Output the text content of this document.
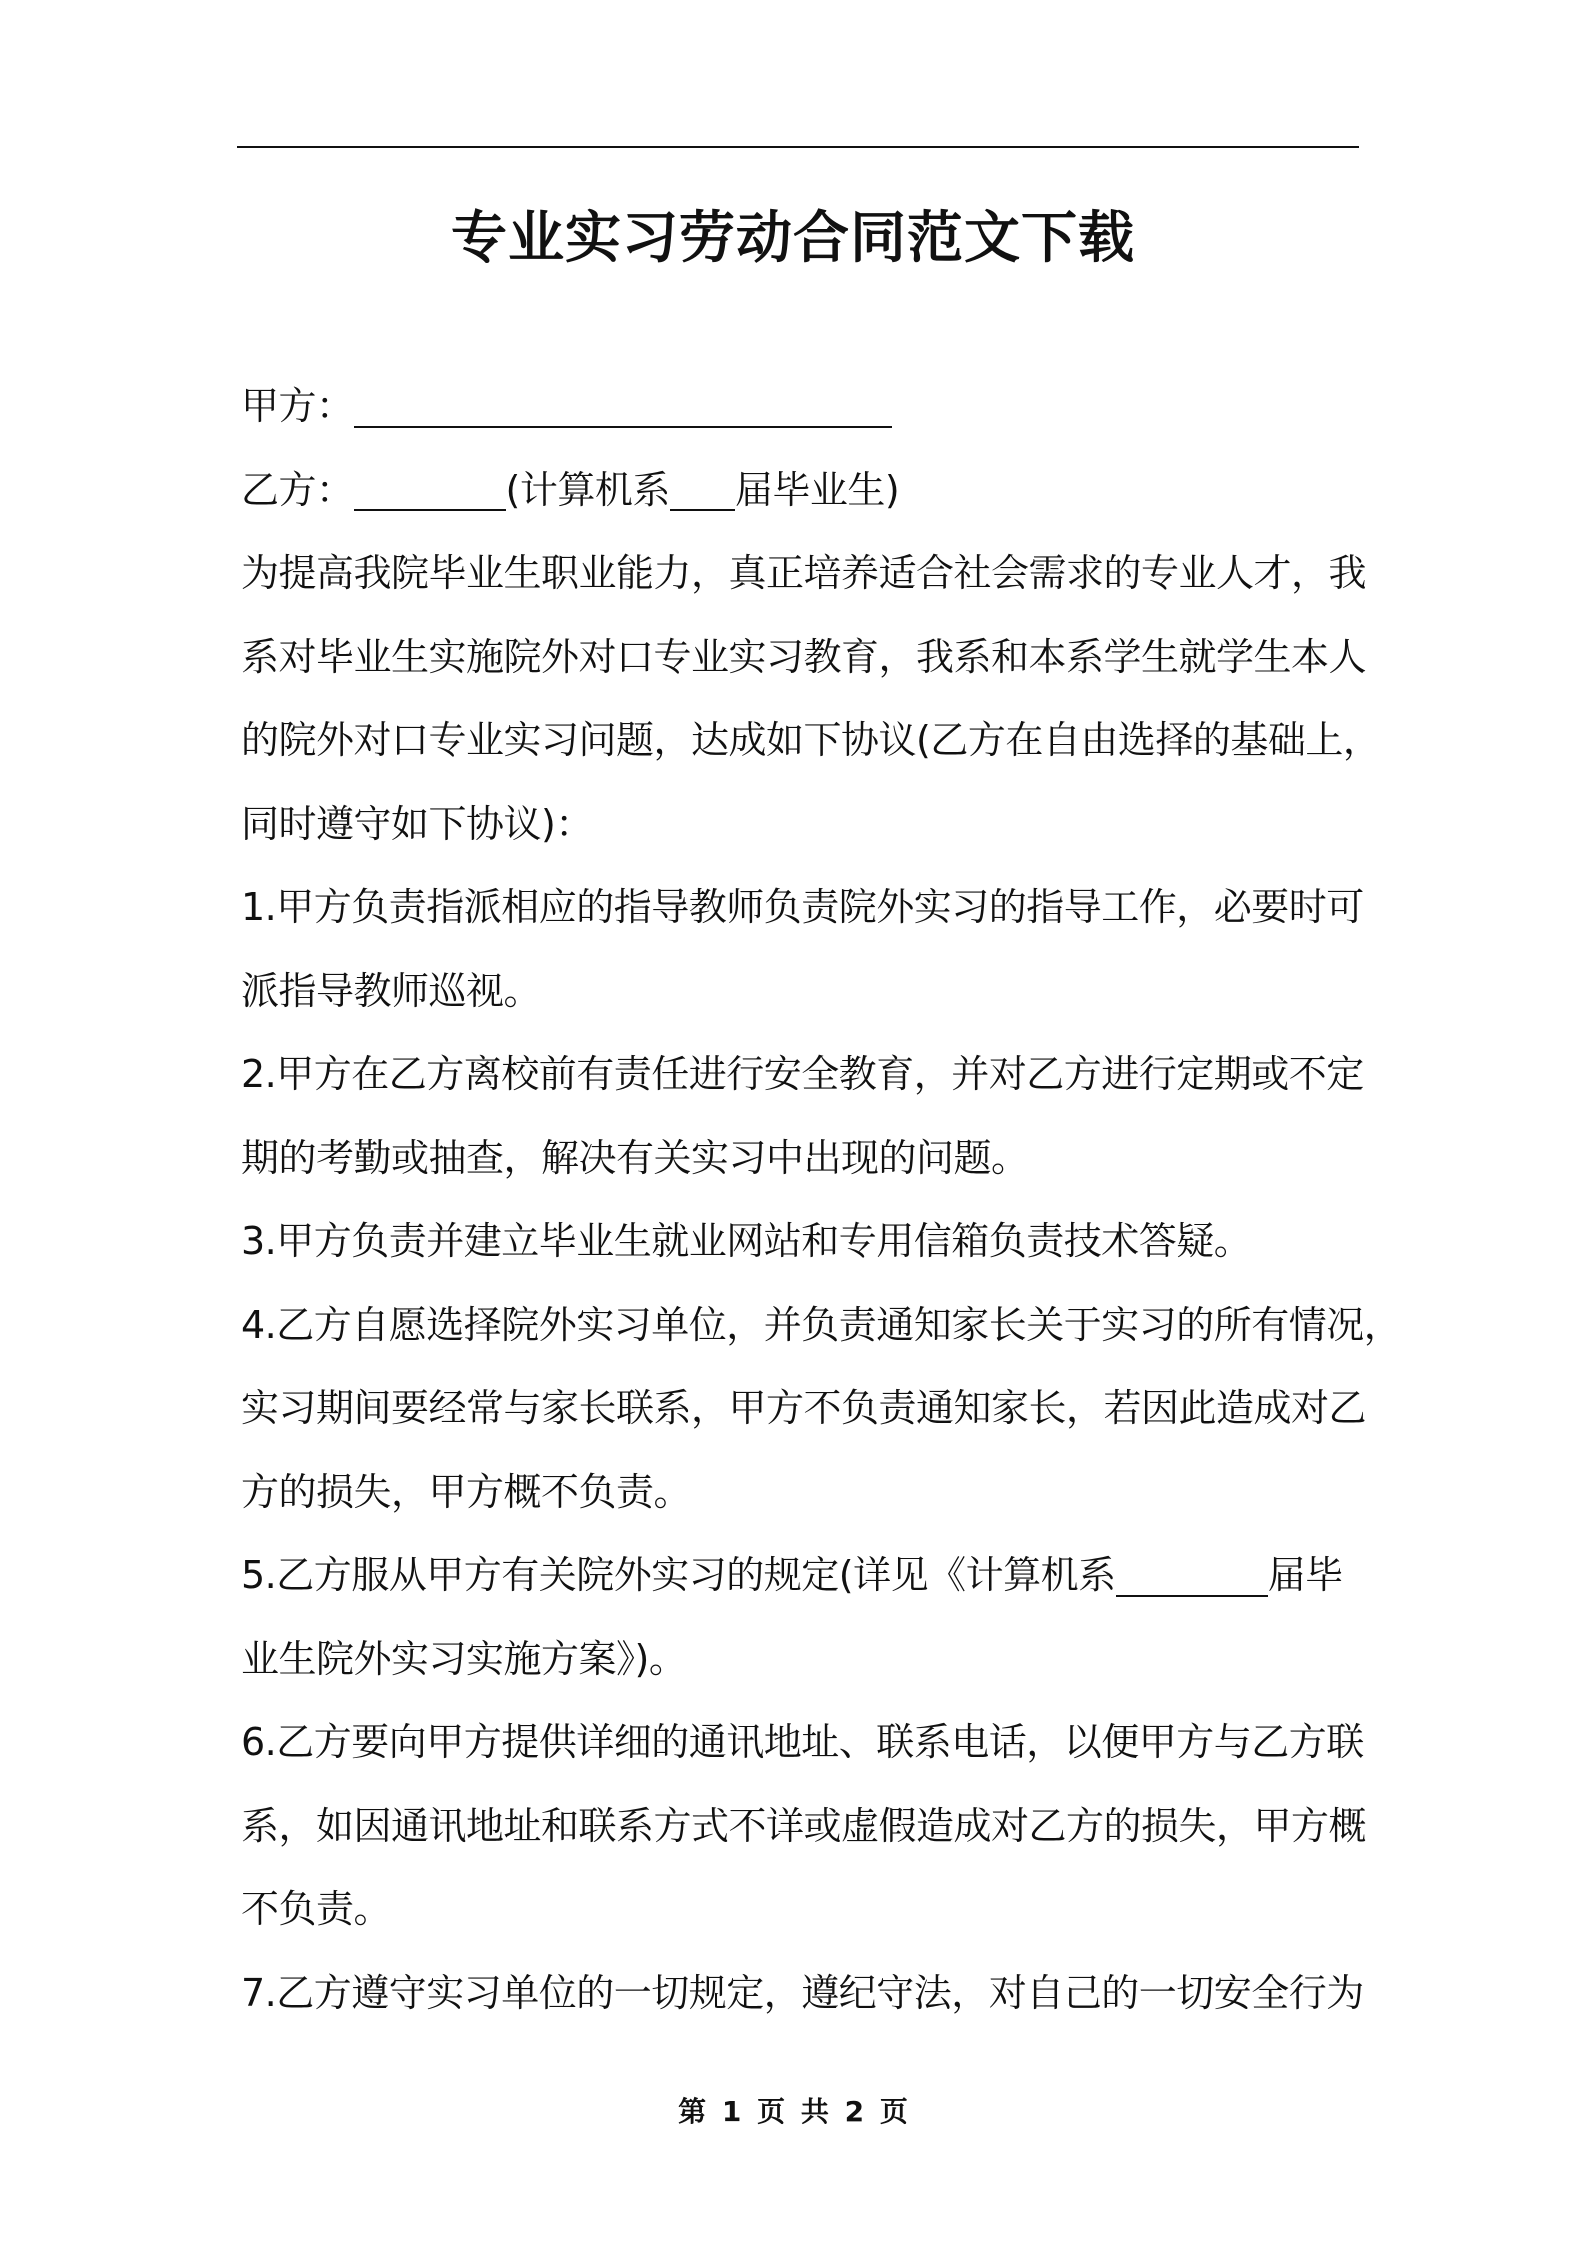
专业实习劳动合同范文下载
甲方：
乙方：	(计算机系 届毕业生)
为提高我院毕业生职业能力，真正培养适合社会需求的专业人才，我
系对毕业生实施院外对口专业实习教育，我系和本系学生就学生本人
的院外对口专业实习问题，达成如下协议(乙方在自由选择的基础上，
同时遵守如下协议)：
1.甲方负责指派相应的指导教师负责院外实习的指导工作，必要时可
派指导教师巡视。
2.甲方在乙方离校前有责任进行安全教育，并对乙方进行定期或不定
期的考勤或抽查，解决有关实习中出现的问题。
3.甲方负责并建立毕业生就业网站和专用信箱负责技术答疑。
4.乙方自愿选择院外实习单位，并负责通知家长关于实习的所有情况，
实习期间要经常与家长联系，甲方不负责通知家长，若因此造成对乙
方的损失，甲方概不负责。
5.乙方服从甲方有关院外实习的规定(详见《计算机系	届毕
业生院外实习实施方案》)。
6.乙方要向甲方提供详细的通讯地址、联系电话，以便甲方与乙方联
系，如因通讯地址和联系方式不详或虚假造成对乙方的损失，甲方概
不负责。
7.乙方遵守实习单位的一切规定，遵纪守法，对自己的一切安全行为
第 1 页 共 2 页
